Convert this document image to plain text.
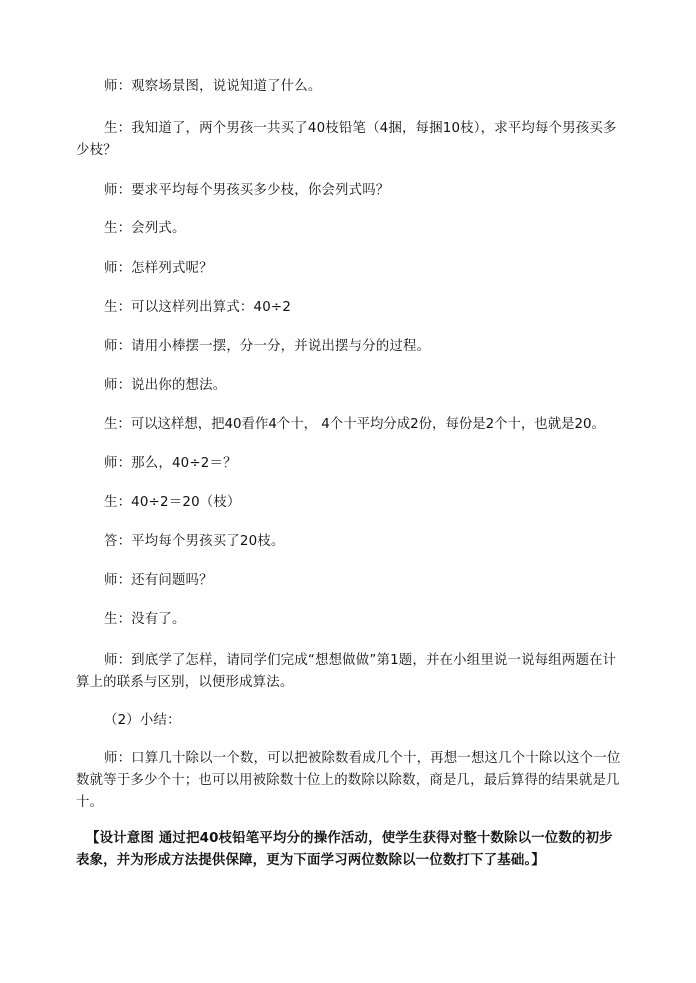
师：观察场景图，说说知道了什么。
生：我知道了，两个男孩一共买了40枝铅笔（4捆，每捆10枝），求平均每个男孩买多少枝？
师：要求平均每个男孩买多少枝，你会列式吗？
生：会列式。
师：怎样列式呢？
生：可以这样列出算式：40÷2
师：请用小棒摆一摆，分一分，并说出摆与分的过程。
师：说出你的想法。
生：可以这样想，把40看作4个十， 4个十平均分成2份，每份是2个十，也就是20。
师：那么，40÷2＝？
生：40÷2＝20（枝）
答：平均每个男孩买了20枝。
师：还有问题吗？
生：没有了。
师：到底学了怎样，请同学们完成“想想做做”第1题，并在小组里说一说每组两题在计算上的联系与区别，以便形成算法。
（2）小结：
师：口算几十除以一个数，可以把被除数看成几个十，再想一想这几个十除以这个一位数就等于多少个十；也可以用被除数十位上的数除以除数，商是几，最后算得的结果就是几十。
【设计意图 通过把40枝铅笔平均分的操作活动，使学生获得对整十数除以一位数的初步表象，并为形成方法提供保障，更为下面学习两位数除以一位数打下了基础。】
